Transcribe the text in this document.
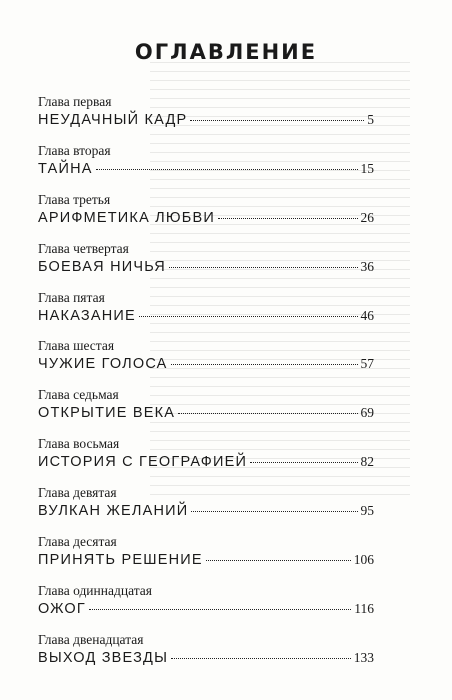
ОГЛАВЛЕНИЕ
Глава первая
НЕУДАЧНЫЙ КАДР	5
Глава вторая
ТАЙНА	15
Глава третья
АРИФМЕТИКА ЛЮБВИ	26
Глава четвертая
БОЕВАЯ НИЧЬЯ	36
Глава пятая
НАКАЗАНИЕ	46
Глава шестая
ЧУЖИЕ ГОЛОСА	57
Глава седьмая
ОТКРЫТИЕ ВЕКА	69
Глава восьмая
ИСТОРИЯ С ГЕОГРАФИЕЙ	82
Глава девятая
ВУЛКАН ЖЕЛАНИЙ	95
Глава десятая
ПРИНЯТЬ РЕШЕНИЕ	106
Глава одиннадцатая
ОЖОГ	116
Глава двенадцатая
ВЫХОД ЗВЕЗДЫ	133
